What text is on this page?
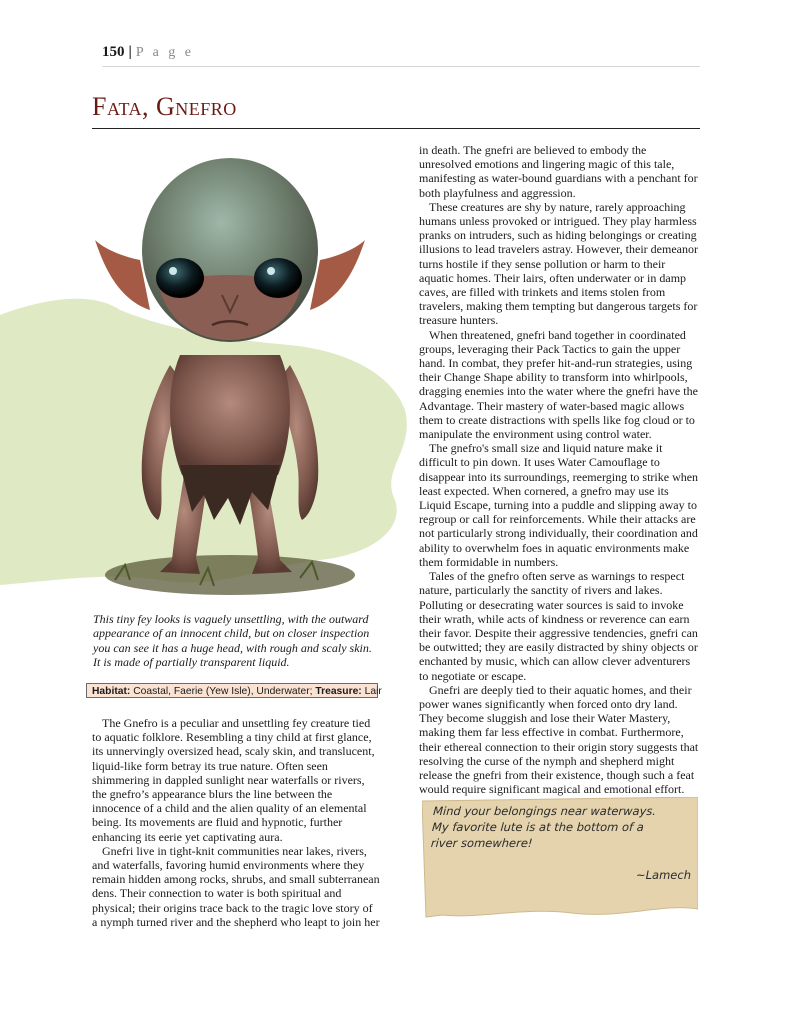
150 | P a g e
Fata, Gnefro
This tiny fey looks is vaguely unsettling, with the outward appearance of an innocent child, but on closer inspection you can see it has a huge head, with rough and scaly skin. It is made of partially transparent liquid.
Habitat: Coastal, Faerie (Yew Isle), Underwater; Treasure: Lair

The Gnefro is a peculiar and unsettling fey creature tied to aquatic folklore. Resembling a tiny child at first glance, its unnervingly oversized head, scaly skin, and translucent, liquid-like form betray its true nature. Often seen shimmering in dappled sunlight near waterfalls or rivers, the gnefro’s appearance blurs the line between the innocence of a child and the alien quality of an elemental being. Its movements are fluid and hypnotic, further enhancing its eerie yet captivating aura.

Gnefri live in tight-knit communities near lakes, rivers, and waterfalls, favoring humid environments where they remain hidden among rocks, shrubs, and small subterranean dens. Their connection to water is both spiritual and physical; their origins trace back to the tragic love story of a nymph turned river and the shepherd who leapt to join her

in death. The gnefri are believed to embody the unresolved emotions and lingering magic of this tale, manifesting as water-bound guardians with a penchant for both playfulness and aggression.

These creatures are shy by nature, rarely approaching humans unless provoked or intrigued. They play harmless pranks on intruders, such as hiding belongings or creating illusions to lead travelers astray. However, their demeanor turns hostile if they sense pollution or harm to their aquatic homes. Their lairs, often underwater or in damp caves, are filled with trinkets and items stolen from travelers, making them tempting but dangerous targets for treasure hunters.

When threatened, gnefri band together in coordinated groups, leveraging their Pack Tactics to gain the upper hand. In combat, they prefer hit-and-run strategies, using their Change Shape ability to transform into whirlpools, dragging enemies into the water where the gnefri have the Advantage. Their mastery of water-based magic allows them to create distractions with spells like fog cloud or to manipulate the environment using control water.

The gnefro's small size and liquid nature make it difficult to pin down. It uses Water Camouflage to disappear into its surroundings, reemerging to strike when least expected. When cornered, a gnefro may use its Liquid Escape, turning into a puddle and slipping away to regroup or call for reinforcements. While their attacks are not particularly strong individually, their coordination and ability to overwhelm foes in aquatic environments make them formidable in numbers.

Tales of the gnefro often serve as warnings to respect nature, particularly the sanctity of rivers and lakes. Polluting or desecrating water sources is said to invoke their wrath, while acts of kindness or reverence can earn their favor. Despite their aggressive tendencies, gnefri can be outwitted; they are easily distracted by shiny objects or enchanted by music, which can allow clever adventurers to negotiate or escape.

Gnefri are deeply tied to their aquatic homes, and their power wanes significantly when forced onto dry land. They become sluggish and lose their Water Mastery, making them far less effective in combat. Furthermore, their ethereal connection to their origin story suggests that resolving the curse of the nymph and shepherd might release the gnefri from their existence, though such a feat would require significant magical and emotional effort.

Mind your belongings near waterways. My favorite lute is at the bottom of a river somewhere!
~Lamech
